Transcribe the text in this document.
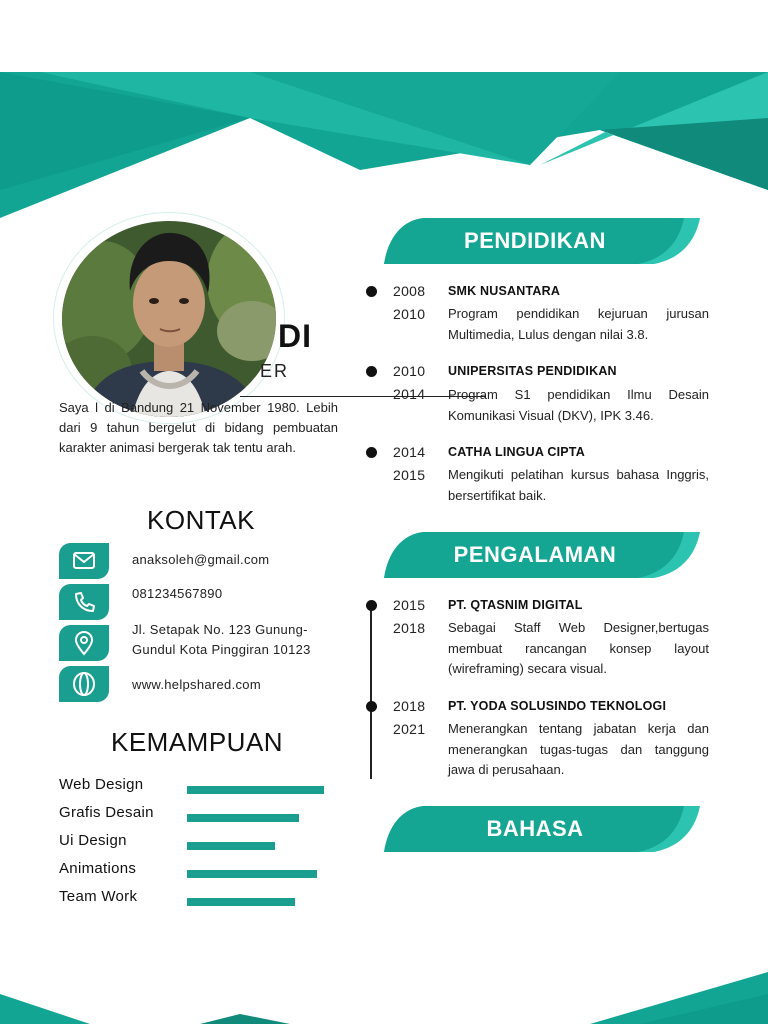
DI
ER
Saya l di Bandung 21 November 1980. Lebih dari 9 tahun bergelut di bidang pembuatan karakter animasi bergerak tak tentu arah.
KONTAK
anaksoleh@gmail.com
081234567890
Jl. Setapak No. 123 Gunung-Gundul Kota Pinggiran 10123
www.helpshared.com
KEMAMPUAN
Web Design
Grafis Desain
Ui Design
Animations
Team Work
PENDIDIKAN
2008
2010
SMK NUSANTARA
Program pendidikan kejuruan jurusan Multimedia, Lulus dengan nilai 3.8.
2010
2014
UNIPERSITAS PENDIDIKAN
Program S1 pendidikan Ilmu Desain Komunikasi Visual (DKV), IPK 3.46.
2014
2015
CATHA LINGUA CIPTA
Mengikuti pelatihan kursus bahasa Inggris, bersertifikat baik.
PENGALAMAN
2015
2018
PT. QTASNIM DIGITAL
Sebagai Staff Web Designer,bertugas membuat rancangan konsep layout (wireframing) secara visual.
2018
2021
PT. YODA SOLUSINDO TEKNOLOGI
Menerangkan tentang jabatan kerja dan menerangkan tugas-tugas dan tanggung jawa di perusahaan.
BAHASA
